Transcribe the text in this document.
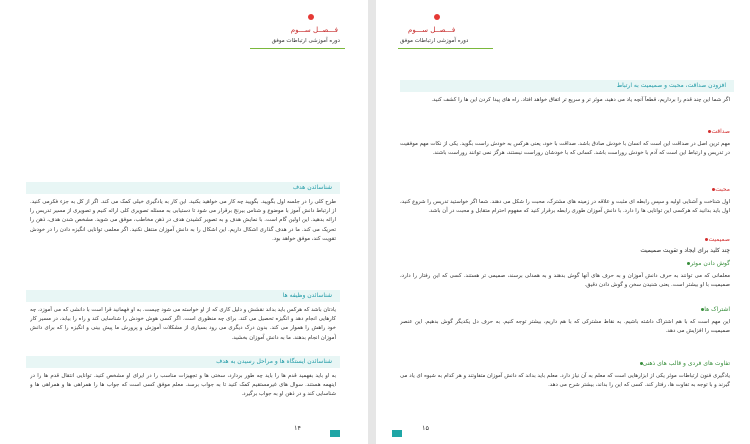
فـــصــل ســـوم
دوره آموزشی ارتباطات موفق
شناسائدن هدف
طرح کلی را در جلسه اول بگویید. بگویید چه کار می خواهید بکنید. این کار به یادگیری خیلی کمک می کند. اگر از کل به جزء فکرمی کنید. از ارتباط دانش آموز با موضوع و شناس بیرنج برقرار می شود تا دستیابی به مسئله تصویری کلی ارائه کنیم و تصویری از مسیر تدریس را ارائه بدهید. این اولین گام است. با نمایش هدف و به تصویر کشیدن هدف در ذهن مخاطب، موفق می شوید. مشخص شدن هدف، ذهن را تحریک می کند. ما در هدف گذاری اشکال داریم. این اشکال را به دانش آموزان منتقل نکنید. اگر معلمی توانایی انگیزه دادن را در خودش تقویت کند، موفق خواهد بود.
شناسائدن وظیفه ها
یادتان باشد که هرکس باید بداند نقشش و دلیل کاری که از او خواسته می شود چیست. به او فهمانید قرا است با دانشی که می آموزد، چه کارهایی انجام دهد و انگیزه تحصیل می کند. برای چه منظوری است. اگر کسی هوش خودش را شناسایی کند و راه را بیابد، در مسیر کار خود راهش را هموار می کند. بدون درک دیگری می رود بسیاری از مشکلات آموزش و پرورش ما پیش بینی و انگیزه را که برای دانش آموزان انجام بدهند. ما به دانش آموزان بخشید.
شناسائدن ایستگاه ها و مراحل رسیدن به هدف
به او باید بفهمید قدم ها را باید چه طور بردارد، سختی ها و تجهیزات مناسب را در ایرای او مشخص کنید. توانایی انتقال قدم ها را در اینهمه هستند. سوال های غیرمستقیم کمک کنید تا به جواب برسد. معلم موفق کسی است که جواب ها را همراهی ها و همراهی ها و شناسایی کند و در ذهن او به جواب برگیرد.
۱۴
فـــصــل ســـوم
دوره آموزشی ارتباطات موفق
افزودن صداقت، محبت و صمیمیت به ارتباط
اگر شما این چند قدم را برداریم، قطعاً آنچه یاد می دهید، موثر تر و سریع تر اتفاق خواهد افتاد. راه های پیدا کردن این ها را کشف کنید.
مهم ترین اصل در صداقت این است که انسان با خودش صادق باشد. صداقت با خود، یعنی هرکس به خودش راست بگوید. یکی از نکات مهم موفقیت در تدریس و ارتباط این است که آدم با خودش روراست باشد. کسانی که با خودشان روراست نیستند، هرگز نمی توانند روراست باشند.
صداقت
محبت
اول شناخت و آشنایی اولیه و سپس رابطه ای مثبت و علاقه در زمینه های مشترک، محبت را شکل می دهند. شما اگر خواستید تدریس را شروع کنید، اول باید بدانید که هرکسی این توانایی ها را دارد. با دانش آموزان طوری رابطه برقرار کنید که مفهوم احترام متقابل و محبت در آن باشد.
صمیمیت
چند کلید برای ایجاد و تقویت صمیمیت
گوش دادن موثر
معلمانی که می توانند به حرف دانش آموزان و به حرف های آنها گوش بدهند و به همدلی برسند، صمیمی تر هستند. کسی که این رفتار را دارد، صمیمیت با او بیشتر است. یعنی شنیدن سخن و گوش دادن دقیق.
اشتراک ها
این مهم است که با هم اشتراک داشته باشیم. به نقاط مشترکی که با هم داریم، بیشتر توجه کنیم. به حرف دل یکدیگر گوش بدهیم. این عنصر صمیمیت را افزایش می دهد.
تفاوت های فردی و قالب های ذهنی
یادگیری فنون ارتباطات موثر یکی از ابزارهایی است که معلم به آن نیاز دارد. معلم باید بداند که دانش آموزان متفاوتند و هر کدام به شیوه ای یاد می گیرند و با توجه به تفاوت ها، رفتار کند. کسی که این را بداند، بیشتر شرح می دهد.
۱۵
